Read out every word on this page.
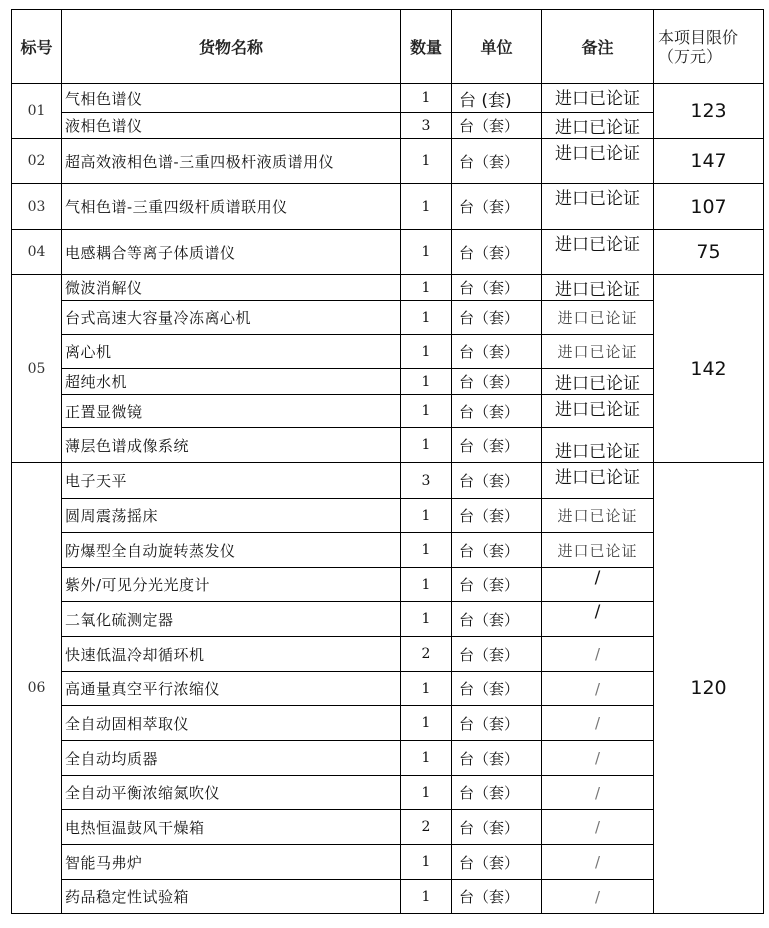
标号	货物名称	数量	单位	备注	本项目限价（万元）
01	气相色谱仪	1	台 (套)	进口已论证	123
	液相色谱仪	3	台（套）	进口已论证	
02	超高效液相色谱-三重四极杆液质谱用仪	1	台（套）	进口已论证	147
03	气相色谱-三重四级杆质谱联用仪	1	台（套）	进口已论证	107
04	电感耦合等离子体质谱仪	1	台（套）	进口已论证	75
05	微波消解仪	1	台（套）	进口已论证	142
	台式高速大容量冷冻离心机	1	台（套）	进口已论证	
	离心机	1	台（套）	进口已论证	
	超纯水机	1	台（套）	进口已论证	
	正置显微镜	1	台（套）	进口已论证	
	薄层色谱成像系统	1	台（套）	进口已论证	
06	电子天平	3	台（套）	进口已论证	120
	圆周震荡摇床	1	台（套）	进口已论证	
	防爆型全自动旋转蒸发仪	1	台（套）	进口已论证	
	紫外/可见分光光度计	1	台（套）	/	
	二氧化硫测定器	1	台（套）	/	
	快速低温冷却循环机	2	台（套）	/	
	高通量真空平行浓缩仪	1	台（套）	/	
	全自动固相萃取仪	1	台（套）	/	
	全自动均质器	1	台（套）	/	
	全自动平衡浓缩氮吹仪	1	台（套）	/	
	电热恒温鼓风干燥箱	2	台（套）	/	
	智能马弗炉	1	台（套）	/	
	药品稳定性试验箱	1	台（套）	/	
